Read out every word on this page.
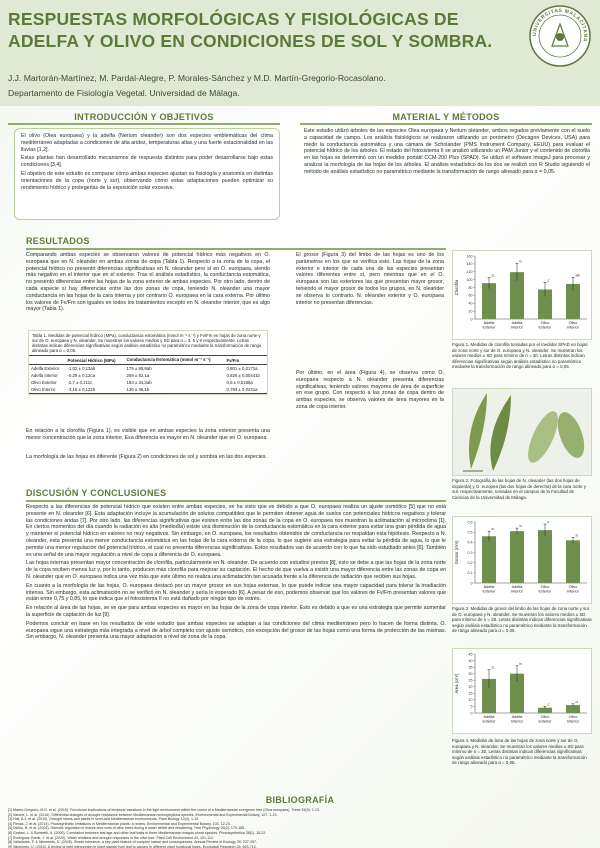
RESPUESTAS MORFOLÓGICAS Y FISIOLÓGICAS DE ADELFA Y OLIVO EN CONDICIONES DE SOL Y SOMBRA.
J.J. Martorán-Martínez, M. Pardal-Alegre, P. Morales-Sánchez y M.D. Martín-Gregorio-Rocasolano.
Departamento de Fisiología Vegetal. Universidad de Málaga.
UNIVERSITAS MALACITANA
INTRODUCCIÓN Y OBJETIVOS

El olivo (Olea europaea) y la adelfa (Nerium oleander) son dos especies emblemáticas del clima mediterráneo adaptadas a condiciones de alta aridez, temperaturas altas y una fuerte estacionalidad en las lluvias [1,2].

Estas plantas han desarrollado mecanismos de respuesta distintos para poder desarrollarse bajo estas condiciones [3,4].

El objetivo de este estudio es comparar cómo ambas especies ajustan su fisiología y anatomía en distintas orientaciones de la copa (norte y sur), observando cómo estas adaptaciones pueden optimizar su rendimiento hídrico y protegerlas de la exposición solar excesiva.

MATERIAL Y MÉTODOS
Este estudio utilizó árboles de las especies Olea europaea y Nerium oleander, ambos regados previamente con el suelo a capacidad de campo. Los análisis fisiológicos se realizaron utilizando un porómetro (Decagon Devices, USA) para medir la conductancia estomática y una cámara de Scholander (PMS Instrument Company, EEUU) para evaluar el potencial hídrico de los árboles. El estado del fotosistema II se analizó utilizando un PAM Junior y el contenido de clorofila en las hojas se determinó con un medidor portátil CCM-200 Plus (SPAD). Se utilizó el software ImageJ para procesar y analizar la morfología de las hojas de los árboles. El análisis estadístico de los dos se realizó con R Studio siguiendo el método de análisis estadístico no paramétrico mediante la transformación de rango alineado para α = 0,05.
RESULTADOS
Comparando ambas especies se observaron valores de potencial hídrico más negativos en O. europaea que en N. oleander en ambas zonas de copa (Tabla 1). Respecto a la zona de la copa, el potencial hídrico no presentó diferencias significativas en N. oleander pero sí en O. europaea, siendo más negativo en el interior que en el exterior. Tras el análisis estadístico, la conductancia estomática, no presentó diferencias entre las hojas de la zona exterior de ambas especies. Por otro lado, dentro de cada especie sí hay diferencias entre las dos zonas de copa, teniendo N. oleander una mayor conductancia en las hojas de la cara interna y por contrario O. europaea en la cara externa. Por último los valores de Fv/Fm son iguales en todos los tratamientos excepto en N. oleander interior, que es algo mayor (Tabla 1).
Tabla 1. Medidas de potencial hídrico (MPa), conductancia estomática (mmol m⁻² s⁻¹) y Fv/Fm en hojas de zona norte y sur de O. europaea y N. oleander. Se muestran los valores medios y SD para n = 3; 5 y 8 respectivamente. Letras distintas indican diferencias significativas según análisis estadístico no paramétrico mediante la transformación de rango alineado para α = 0,05.
	Potencial Hídrico (MPa)	Conductancia Estomática (mmol m⁻² s⁻¹)	Fv/Fm
Adelfa Exterior	-1,02 ± 0,13ab	179 ± 85,9ab	0,801 ± 0,0171a
Adelfa Interior	-0,29 ± 0,12ca	269 ± 92,1a	0,826 ± 0,00441b
Olivo Exterior	-2,7 ± 0,211c	183 ± 34,3ab	0,8 ± 0,0186a
Olivo Interior	-3,16 ± 0,122b	136 ± 45,1b	0,793 ± 0,0231a
En relación a la clorofila (Figura 1), es visible que en ambas especies la zona exterior presenta una menor concentración que la zona interior. Esa diferencia es mayor en N. oleander que en O. europaea.
La morfología de las hojas es diferente (Figura 2) en condiciones de sol y sombra en las dos especies.
El grosor (Figura 3) del limbo de las hojas es uno de los parámetros en los que se verifica esto. Las hojas de la zona exterior e interior de cada una de las especies presentan valores diferentes entre sí, pero mientras que en el O. europaea son las exteriores las que presentan mayor grosor, teniendo el mayor grosor de todos los grupos, en N. oleander se observa lo contrario. N. oleander exterior y O. europaea interior no presentan diferencias.
Por último, en el área (Figura 4), se observa como O. europaea respecto a N. oleander presenta diferencias significativas, teniendo valores mayores de área de superficie en ese grupo. Con respecto a las zonas de copa dentro de ambas especies, se observa valores de área mayores en la zona de copa interior.
Clorofila
0
20
40
60
80
100
120
140
160
a
Adelfa
Exterior
b
Adelfa
Interior
c
Olivo
Exterior
ab
Olivo
Interior
Figura 1. Medidas de clorofila tomadas por el medidor SPAD en hojas de zona norte y sur de O. europaea y N. oleander. Se muestran los valores medios ± SD para mínimo de n = 30. Letras distintas indican diferencias significativas según análisis estadístico no paramétrico mediante la transformación de rango alineado para α = 0,05.
Figura 2. Fotografía de las hojas de N. oleander (las dos hojas de izquierda) y O. europea (las dos hojas de derecha) de la cara norte y sur, respectivamente, tomadas en el campus de la Facultad de Ciencias de la Universidad de Málaga.
Grosor (mm)
0
0.1
0.2
0.3
0.4
0.5
0.6
a
Adelfa
Exterior
b
Adelfa
Interior
c
Olivo
Exterior
a
Olivo
Interior
Figura 3. Medidas de grosor del limbo de las hojas de zona norte y sur de O. europaea y N. oleander. Se muestran los valores medios ± SD para mínimo de n = 28. Letras distintas indican diferencias significativas según análisis estadístico no paramétrico mediante la transformación de rango alineado para α = 0,05.
Área (cm²)
0
5
10
15
20
25
30
35
40
45
a
Adelfa
Exterior
b
Adelfa
Interior
c
Olivo
Exterior
d
Olivo
Interior
Figura 4. Medidas de área de las hojas de zona norte y sur de O. europaea y N. oleander. Se muestran los valores medios ± SD para mínimo de n = 30. Letras distintas indican diferencias significativas según análisis estadístico no paramétrico mediante la transformación de rango alineado para α = 0,05.
DISCUSIÓN Y CONCLUSIONES

Respecto a las diferencias de potencial hídrico que existen entre ambas especies, se ha visto que es debido a que O. europaea realiza un ajuste osmótico [5] que no está presente en N. oleander [6]. Esta adaptación incluye la acumulación de solutos compatibles que le permiten obtener agua de suelos con potenciales hídricos negativos y tolerar las condiciones áridas [7]. Por otro lado, las diferencias significativas que existen entre las dos zonas de la copa en O. europaea nos muestran la aclimatación al microclima [1]. En ciertos momentos del día cuando la radiación es alta (mediodía) existe una disminución de la conductancia estomática en la cara exterior para evitar una gran pérdida de agua y mantener el potencial hídrico en valores no muy negativos. Sin embargo, en O. europaea, los resultados obtenidos de conductancia no respaldan esta hipótesis. Respecto a N. oleander, esta presenta una menor conductancia estomática en las hojas de la cara externa de la copa, lo que sugiere una estrategia para evitar la pérdida de agua, lo que le permite una menor regulación del potencial hídrico, el cual no presenta diferencias significativas. Estos resultados van de acuerdo con lo que ha sido estudiado antes [6]. También es una señal de una mayor regulación a nivel de copa a diferencia de O. europaea.

Las hojas internas presentan mayor concentración de clorofila, particularmente en N. oleander. De acuerdo con estudios previos [8], esto se debe a que las hojas de la zona norte de la copa reciben menos luz y, por lo tanto, producen más clorofila para mejorar su captación. El hecho de que vuelva a existir una mayor diferencia entre las zonas de copa en N. oleander que en O. europaea indica una vez más que este último no realiza una aclimatación tan acusada frente a la diferencia de radiación que reciben sus hojas.

En cuanto a la morfología de las hojas, O. europaea destacó por un mayor grosor en sus hojas externas, lo que puede indicar una mayor capacidad para tolerar la irradiación intensa. Sin embargo, esta aclimatación no se verificó en N. oleander y sería lo esperado [6]. A pesar de eso, podemos observar que los valores de Fv/Fm presentan valores que están entre 0,75 y 0,85, lo que indica que el fotosistema II no está dañado por ningún tipo de estrés.

En relación al área de las hojas, se ve que para ambas especies es mayor en las hojas de la zona de copa interior. Esto es debido a que es una estrategia que permite aumentar la superficie de captación de luz [9].

Podemos concluir en base en los resultados de este estudio que ambas especies se adaptan a las condiciones del clima mediterráneo pero lo hacen de forma distinta. O. europaea sigue una estrategia más integrada a nivel de árbol completo con ajuste osmótico, con excepción del grosor de las hojas como una forma de protección de las mismas. Sin embargo, N. oleander presenta una mayor adaptación a nivel de zona de la copa.

BIBLIOGRAFÍA
[1] Martín-Gregorio, M.D. et al. (2019). Functional implications of temporal variations in the light environment within the crown of a Mediterranean evergreen tree (Olea europaea). Trees 33(5): 1-13.
[2] Varone, L. et al. (2016). Differential changes of drought resistance between Mediterranean sclerophyllous species. Environmental and Experimental Botany, 107, 1-13.
[3] Hall, A.J. et al. (2010). Drought stress and plants in semi-arid Mediterranean environments. Plant Biology 12(4), 1-15.
[4] Flexas, J. et al. (2014). Photosynthetic limitations in Mediterranean plants: a review. Environmental and Experimental Botany, 103, 12-23.
[5] Dichio, B. et al. (2003). Osmotic regulation in leaves and roots of olive trees during a water deficit and rewatering. Tree Physiology 26(2), 179-185.
[6] Gratani, L. & Bombelli, A. (2000). Correlation between leaf age and other leaf traits in three Mediterranean maquis shrub species. Photosynthetica 38(1), 15-22.
[7] Rodríguez-Gamir, J. et al. (2020). Water relations and drought responses in the olive tree. Plant Cell Environment 43, 101-112.
[8] Valladares, F. & Niinemets, Ü. (2008). Shade tolerance, a key plant feature of complex nature and consequences. Annual Review of Ecology 39, 237-257.
[9] Niinemets, Ü. (2010). A review of light interception in plant stands from leaf to canopy in different plant functional types. Ecological Research 25, 693-714.
